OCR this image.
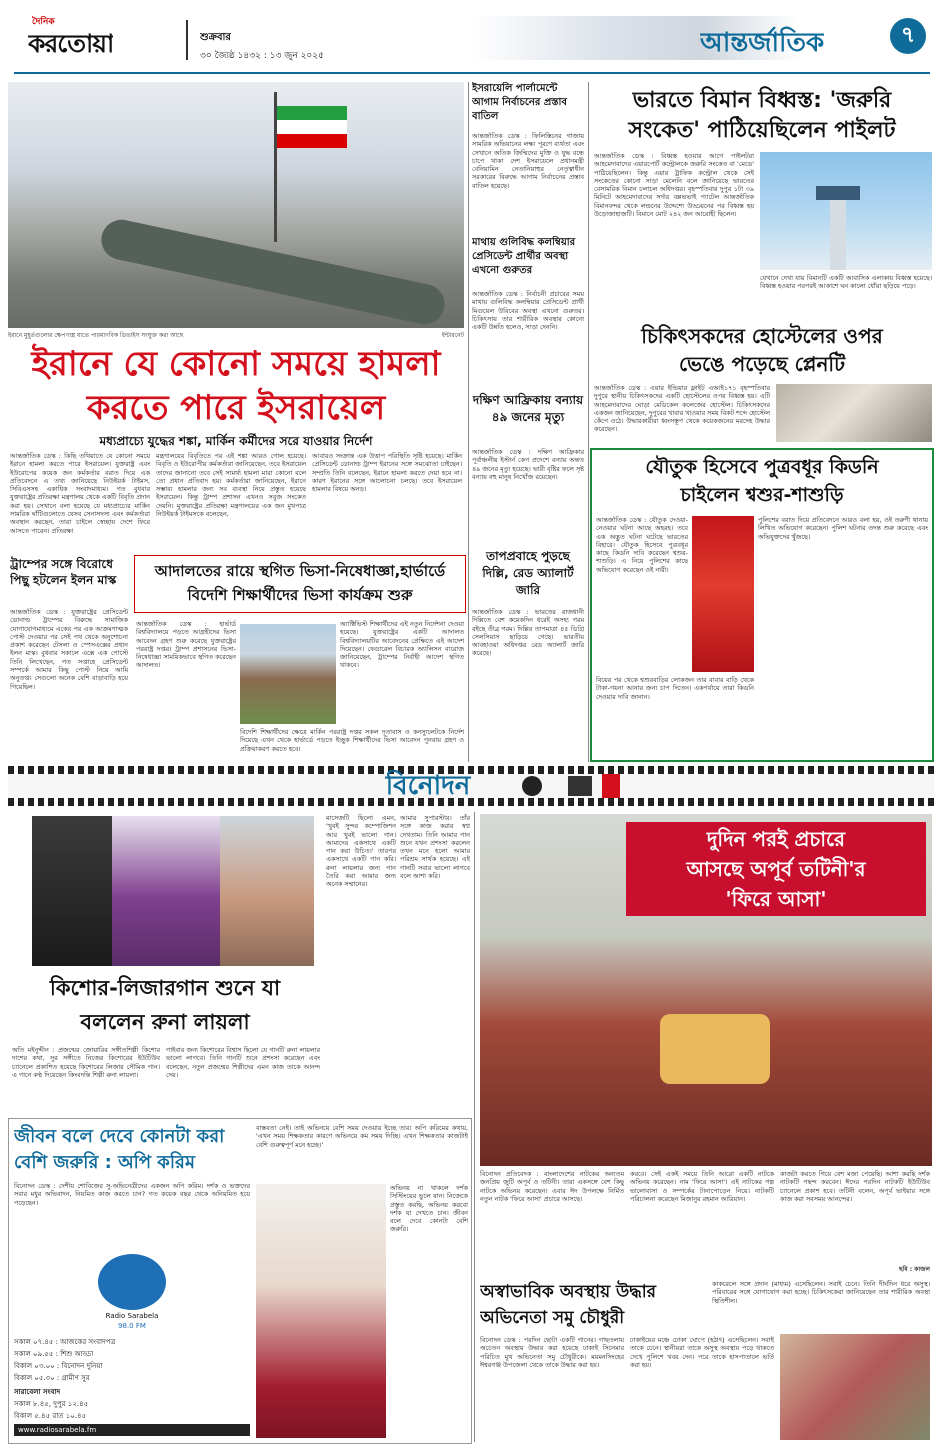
দৈনিক
করতোয়া	শুক্রবার
৩০ জ্যৈষ্ঠ ১৪৩২ : ১৩ জুন ২০২৫	আন্তর্জাতিক	৭
ইরানে মুহূর্তগুলোর ক্ষেপণাস্ত্র যাতে পারমাণবিক ডিভাইস সংযুক্ত করা আছে	ইন্টারনেট
ইরানে যে কোনো সময়ে হামলা
করতে পারে ইসরায়েল
মধ্যপ্রাচ্যে যুদ্ধের শঙ্কা, মার্কিন কর্মীদের সরে যাওয়ার নির্দেশ
আন্তর্জাতিক ডেস্ক : কিছি তথিয়াতে যে কোনো সময়ে ইরানে হামলা করতে পারে ইসরায়েল। যুক্তরাষ্ট্র এবং ইউরোপের কয়েক জন কর্মকর্তার বরাত দিয়ে এক প্রতিবেদনে এ তথ্য জানিয়েছে নিউইয়র্ক টাইমস, সিবিএসসহ একাধিক সংবাদমাধ্যম। গত বুধবার যুক্তরাষ্ট্রের প্রতিরক্ষা মন্ত্রণালয় থেকে একটি বিবৃতি প্রদান করা হয়। সেখানে বলা হয়েছে যে মধ্যপ্রাচ্যের মার্কিন সামরিক ঘাঁটিগুলোতে যেসব সেনাসদস্য এবং কর্মকর্তারা অবস্থান করছেন, তারা চাইলে স্বেচ্ছায় দেশে ফিরে আসতে পারেন। প্রতিরক্ষা
মন্ত্রণালয়ের বিবৃতিতে পর এই শঙ্কা আরও গোল হয়েছে। বিবৃতি ও ইউরোপীয় কর্মকর্তারা জানিয়েছেন, তবে ইসরায়েল তাদের জানানো তবে সেই সামর্থ্য হামলা মারা কোনো বলে তো প্রধান প্রতিবাদ হয়। কর্মকর্তারা জানিয়েছেন, ইরানে সম্ভাব্য হামলার জন্য সব ব্যবস্থা নিয়ে প্রস্তুত হয়েছে ইসরায়েল। কিন্তু ট্রাম্প প্রশাসন এখনও সবুজ সংকেত দেয়নি। মুক্তরাষ্ট্রের প্রতিরক্ষা মন্ত্রণালয়ের এক জন মুখপাত্র নিউইয়র্ক টাইমসকে বলেছেন,
আবারও সংক্রান্ত এক উত্তাপ পরিস্থিতি সৃষ্টি হয়েছে। মার্কিন প্রেসিডেন্ট ডোনাল্ড ট্রাম্প ইরানের সঙ্গে সমঝোতা চাইছেন। সম্প্রতি তিনি বলেছেন, ইরানে হামলা করতে দেয়া হবে না। কারণ ইরানের সঙ্গে আলোচনা চলছে। তবে ইসরায়েল হামলার বিষয়ে অনড়।
ট্রাম্পের সঙ্গে বিরোধে পিছু হটলেন ইলন মাস্ক
আন্তর্জাতিক ডেস্ক : যুক্তরাষ্ট্রের প্রেসিডেন্ট ডোনাল্ড ট্রাম্পের বিরুদ্ধে সামাজিক যোগাযোগমাধ্যমে একের পর এক আক্রমণাত্মক পোস্ট দেওয়ার পর সেই পথ থেকে অনুশোচনা প্রকাশ করেছেন টেসলা ও স্পেসএক্সের প্রধান ইলন মাস্ক। বুধবার সকালে এক্সে এক পোস্টে তিনি লিখেছেন, গত সপ্তাহে প্রেসিডেন্ট সম্পর্কে আমার কিছু পোস্ট নিয়ে আমি অনুতপ্ত। সেগুলো অনেক বেশি বাড়াবাড়ি হয়ে গিয়েছিল।
আদালতের রায়ে স্থগিত ভিসা-নিষেধাজ্ঞা,হার্ভার্ডে
বিদেশি শিক্ষার্থীদের ভিসা কার্যক্রম শুরু
আন্তর্জাতিক ডেস্ক : হার্ভার্ড বিশ্ববিদ্যালয়ে পড়তে আগ্রহীদের ভিসা আবেদন গ্রহণ শুরু করেছে যুক্তরাষ্ট্রের পররাষ্ট্র দপ্তর। ট্রাম্প প্রশাসনের ভিসা-নিষেধাজ্ঞা সাময়িকভাবে স্থগিত করেছেন আদালত।
অ্যাক্টিভিস্ট শিক্ষার্থীদের এই নতুন নির্দেশনা দেওয়া হয়েছে। যুক্তরাষ্ট্রের একটি আদালত বিশ্ববিদ্যালয়টির আবেদনের প্রেক্ষিতে এই আদেশ দিয়েছেন। ফেডারেল বিচারক অ্যালিসন বারোজ জানিয়েছেন, ট্রাম্পের নির্বাহী আদেশ স্থগিত থাকবে।
বিদেশি শিক্ষার্থীদের ক্ষেত্রে মার্কিন পররাষ্ট্র দপ্তর সকল দূতাবাস ও কনস্যুলেটকে নির্দেশ দিয়েছে এখন থেকে হার্ভার্ডে পড়তে ইচ্ছুক শিক্ষার্থীদের ভিসা আবেদন পুনরায় গ্রহণ ও প্রক্রিয়াকরণ করতে হবে।
ইসরায়েলি পার্লামেন্টে আগাম নির্বাচনের প্রস্তাব বাতিল
আন্তর্জাতিক ডেস্ক : ফিলিস্তিনের গাজায় সামরিক অভিযানের লক্ষ্য পূরণে ব্যর্থতা এবং সেখানে অতিক জিম্মিদের মুক্তি ও যুদ্ধ বন্ধে চাপে থাকা দেশ ইসরায়েলে প্রধানমন্ত্রী বেনিয়ামিন নেতানিয়াহুর নেতৃত্বাধীন সরকারের বিরুদ্ধে আগাম নির্বাচনের প্রস্তাব বাতিল হয়েছে।
মাথায় গুলিবিদ্ধ কলম্বিয়ার প্রেসিডেন্ট প্রার্থীর অবস্থা এখনো গুরুতর
আন্তর্জাতিক ডেস্ক : নির্বাচনী প্রচারের সময় মাথায় গুলিবিদ্ধ কলম্বিয়ার প্রেসিডেন্ট প্রার্থী মিগুয়েল উরিবের অবস্থা এখনো গুরুতর। চিকিৎসায় তার শারীরিক অবস্থার কোনো একটি উন্নতি হলেও, সাড়া দেননি।
দক্ষিণ আফ্রিকায় বন্যায় ৪৯ জনের মৃত্যু
আন্তর্জাতিক ডেস্ক : দক্ষিণ আফ্রিকার পূর্বাঞ্চলীয় ইস্টার্ন কেপ প্রদেশে বন্যায় অন্তত ৪৯ জনের মৃত্যু হয়েছে। ভারী বৃষ্টির ফলে সৃষ্ট বন্যায় বহু মানুষ নিখোঁজ রয়েছেন।
তাপপ্রবাহে পুড়ছে দিল্লি, রেড অ্যালার্ট জারি
আন্তর্জাতিক ডেস্ক : ভারতের রাজধানী দিল্লিতে বেশ কয়েকদিন ধরেই অসহ্য গরম বইছে তীব্র গরম। দিল্লির তাপমাত্রা ৪৫ ডিগ্রি সেলসিয়াস ছাড়িয়ে গেছে। ভারতীয় আবহাওয়া অধিদপ্তর রেড অ্যালার্ট জারি করেছে।
ভারতে বিমান বিধ্বস্ত: 'জরুরি
সংকেত' পাঠিয়েছিলেন পাইলট
আন্তর্জাতিক ডেস্ক : বিধ্বস্ত হওয়ার আগে পাইলটরা আহমেদাবাদের এয়ারপোর্ট কন্ট্রোলকে জরুরি সংকেত বা 'মেডে' পাঠিয়েছিলেন। কিন্তু এয়ার ট্রাফিক কন্ট্রোল থেকে সেই সংকেতের কোনো সাড়া মেলেনি বলে জানিয়েছে ভারতের বেসামরিক বিমান চলাচল অধিদপ্তর। বৃহস্পতিবার দুপুর ১টা ৩৯ মিনিটে আহমেদাবাদের সর্দার বল্লভভাই প্যাটেল আন্তর্জাতিক বিমানবন্দর থেকে লন্ডনের উদ্দেশ্যে উড্ডয়নের পর বিধ্বস্ত হয় উড়োজাহাজটি। বিমানে মোট ২৪২ জন আরোহী ছিলেন।
যেখানে দেখা যায় বিমানটি একটি আবাসিক এলাকায় বিধ্বস্ত হয়েছে। বিধ্বস্ত হওয়ার পরপরই আকাশে ঘন কালো ধোঁয়া ছড়িয়ে পড়ে।
চিকিৎসকদের হোস্টেলের ওপর
ভেঙে পড়েছে প্লেনটি
আন্তর্জাতিক ডেস্ক : এয়ার ইন্ডিয়ার ফ্লাইট এআই১৭১ বৃহস্পতিবার দুপুরে স্থানীয় চিকিৎসকদের একটি হোস্টেলের ওপর বিধ্বস্ত হয়। এটি আহমেদাবাদের ঘোড়া মেডিকেল কলেজের হোস্টেল। চিকিৎসকদের একজন জানিয়েছেন, দুপুরের খাবার খাওয়ার সময় বিকট শব্দে হোস্টেল কেঁপে ওঠে। উদ্ধারকারীরা ধ্বংসস্তূপ থেকে কয়েকজনের মরদেহ উদ্ধার করেছেন।
যৌতুক হিসেবে পুত্রবধূর কিডনি
চাইলেন শ্বশুর-শাশুড়ি
আন্তর্জাতিক ডেস্ক : যৌতুক দেওয়া-নেওয়ার ঘটনা আছে অহরহ। তবে এক অদ্ভুত ঘটনা ঘটেছে ভারতের বিহারে। যৌতুক হিসেবে পুত্রবধূর কাছে কিডনি দাবি করেছেন শ্বশুর-শাশুড়ি। এ নিয়ে পুলিশের কাছে অভিযোগ করেছেন ওই নারী।
বিয়ের পর থেকে শ্বশুরবাড়ির লোকজন তার বাবার বাড়ি থেকে টাকা-গয়না আনার জন্য চাপ দিতেন। একপর্যায়ে তারা কিডনি দেওয়ার দাবি জানান।
পুলিশের বরাত দিয়ে প্রতিবেদনে আরও বলা হয়, ওই তরুণী থানায় লিখিত অভিযোগ করেছেন। পুলিশ ঘটনার তদন্ত শুরু করেছে এবং অভিযুক্তদের খুঁজছে।
বিনোদন
কিশোর-লিজারগান শুনে যা
বললেন রুনা লায়লা
অতি মইনুদ্দীন : প্রজন্মের জোয়ারির সঙ্গীতশিল্পী কিশোর দাশের কথা, সুর সঙ্গীতে নিজের কিশোরের ইউটিউব চ্যানেলে প্রকাশিত হয়েছে কিশোরের লিজার সৌমিক গান। এ গানে কণ্ঠ দিয়েছেন কিংবদন্তি শিল্পী রুনা লায়লা।
গাইবার জন্য কিশোরের বিশ্বাস ছিলো যে গানটি রুনা লায়লার ভালো লাগবে। তিনি গানটি শুনে প্রশংসা করেছেন এবং বলেছেন, নতুন প্রজন্মের শিল্পীদের এমন কাজ তাকে আনন্দ দেয়।
মাসেজটি ছিলো এমন, 'খুবই সুন্দর কম্পোজিশন আর খুবই ভালো গান। আমাদের একসাথে একটি গান করা উচিত।' তারপর একসাথে একটি গান করি। রুনা লায়লার জন্য গান তৈরি করা আমার জন্য অনেক সম্মানের।
আমার সুপারস্টার। তাঁর সঙ্গে কাজ করার স্বপ্ন দেখতাম। তিনি আমার গান শুনে যখন প্রশংসা করলেন তখন মনে হলো আমার পরিশ্রম সার্থক হয়েছে। এই গানটি সবার ভালো লাগবে বলে আশা করি।
জীবন বলে দেবে কোনটা করা
বেশি জরুরি : অপি করিম
বিনোদন ডেস্ক : দেশীয় শোবিজের সু-অভিনেত্রীদের একজন অপি করিম। দর্শক ও ভক্তদের সবার মধুর অভিবাদন, নিয়মিত কাজ করতে চান? গত কয়েক বছর থেকে অনিয়মিত হয়ে পড়েছেন।
বাস্তবতা নেই। তাই অভিনয়ে বেশি সময় দেওয়ার ইচ্ছে তার। অপি করিমের কথায়, 'এখন সময় শিক্ষকতার কারণে অভিনয়ে কম সময় দিচ্ছি। এখন শিক্ষকতার কাজটাই বেশি গুরুত্বপূর্ণ মনে হচ্ছে।'
অভিনয় না থাকলে দর্শক সিস্টিংয়ের ভুলে যান। নিজেকে প্রস্তুত করছি, অভিনয় করবো দর্শক যা দেখতে চান। জীবন বলে দেবে কোনটা বেশি জরুরি।
Radio Sarabela
98.0 FM
সকাল ০৭.৪৫ : আজকের সংবাদপত্র
সকাল ০৯.৫৫ : শিশু আড্ডা
বিকাল ০৩.০০ : বিনোদন দুনিয়া
বিকাল ০৫.৩০ : গ্রামীণ সুর
সারাবেলা সংবাদ
সকাল ৮.৪৫, দুপুর ১২.৪৫
বিকাল ৫.৪৫ রাত ১০.৪৫
www.radiosarabela.fm
দুদিন পরই প্রচারে
আসছে অপূর্ব তটিনী'র
'ফিরে আসা'
বিনোদন প্রতিবেদক : বাংলাদেশের নাটকের অন্যতম জনপ্রিয় জুটি অপূর্ব ও তটিনী। তারা একসঙ্গে বেশ কিছু নাটকে অভিনয় করেছেন। এবার ঈদ উপলক্ষে নির্মিত নতুন নাটক 'ফিরে আসা' প্রচারে আসছে।
করবে। সেই একই সময়ে তিনি আরো একটি নাটকে অভিনয় করেছেন। নাম 'ফিরে আসা'। এই নাটকের গল্প ভালোবাসা ও সম্পর্কের টানাপোড়েন নিয়ে। নাটকটি পরিচালনা করেছেন মিজানুর রহমান আরিয়ান।
কাজটা করতে গিয়ে বেশ মজা পেয়েছি। আশা করছি দর্শক নাটকটি পছন্দ করবেন। ঈদের পরদিন নাটকটি ইউটিউব চ্যানেলে প্রকাশ হবে। তটিনী বলেন, অপূর্ব ভাইয়ার সঙ্গে কাজ করা সবসময় আনন্দের।
ছবি : কাজল
অস্বাভাবিক অবস্থায় উদ্ধার
অভিনেতা সমু চৌধুরী
বিনোদন ডেস্ক : পরদিন ছোটা একটি গানের। গাছতলায় অচেতন অবস্থায় উদ্ধার করা হয়েছে ঢাকাই সিনেমার পরিচিত মুখ অভিনেতা সমু চৌধুরীকে। ময়মনসিংহের ঈশ্বরগঞ্জ উপজেলা থেকে তাকে উদ্ধার করা হয়।
ঢাকাইয়ের মঞ্চে ঢোকা ঘোপে (হঠাৎ) এসেছিলেন। সবাই তাকে চেনে। স্থানীয়রা তাকে অসুস্থ অবস্থায় পড়ে থাকতে দেখে পুলিশে খবর দেন। পরে তাকে হাসপাতালে ভর্তি করা হয়।
কাকরেলে সঙ্গে প্রদান (মাধ্যম) এসেছিলেন। সবাই চেনে। তিনি দীর্ঘদিন ধরে অসুস্থ। পরিবারের সঙ্গে যোগাযোগ করা হচ্ছে। চিকিৎসকেরা জানিয়েছেন তার শারীরিক অবস্থা স্থিতিশীল।
